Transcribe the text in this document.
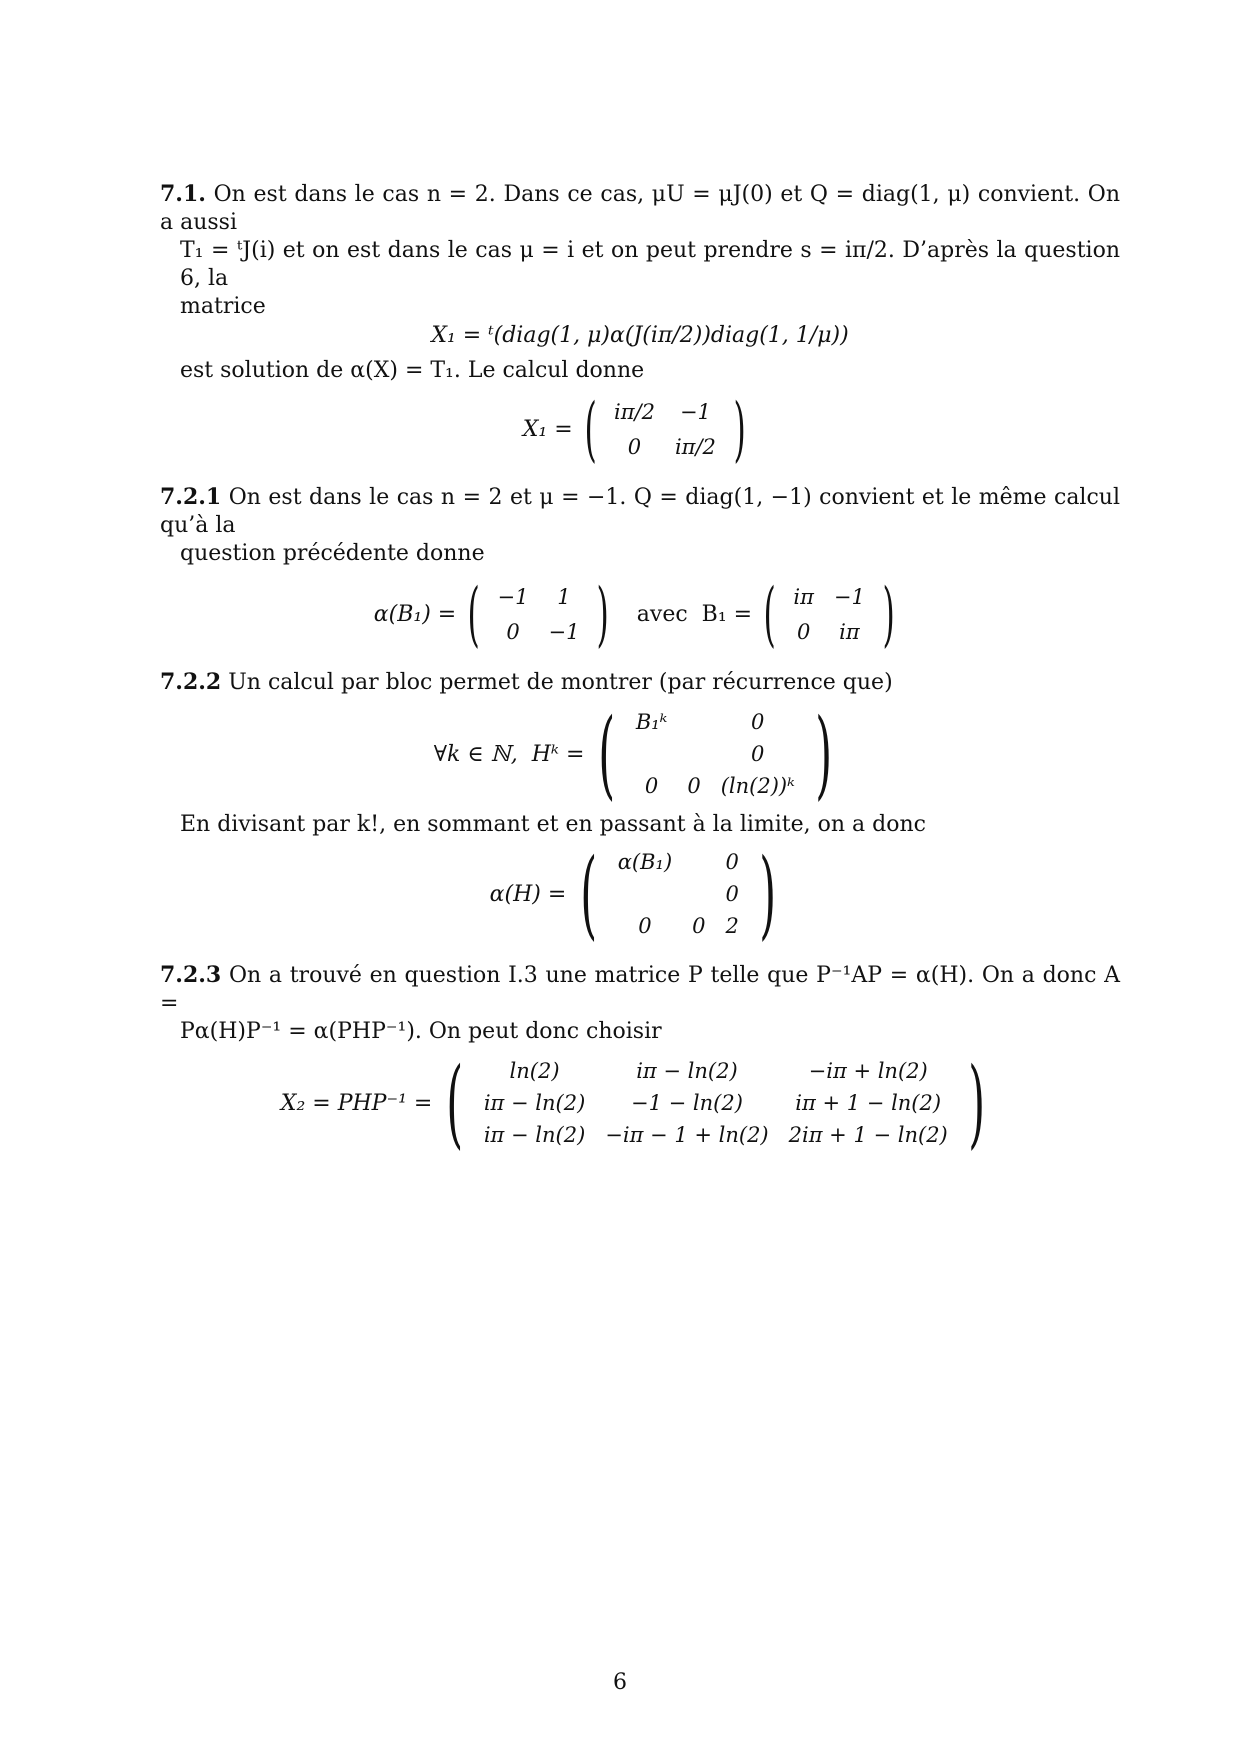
7.1. On est dans le cas n = 2. Dans ce cas, μU = μJ(0) et Q = diag(1, μ) convient. On a aussi

T₁ = ᵗJ(i) et on est dans le cas μ = i et on peut prendre s = iπ/2. D’après la question 6, la

matrice

X₁ = ᵗ(diag(1, μ)α(J(iπ/2))diag(1, 1/μ))

est solution de α(X) = T₁. Le calcul donne

X₁ = ( iπ/2	−1
0	iπ/2 )

7.2.1 On est dans le cas n = 2 et μ = −1. Q = diag(1, −1) convient et le même calcul qu’à la

question précédente donne

α(B₁) = ( −1	1
0	−1 ) avec  B₁ = ( iπ	−1
0	iπ )

7.2.2 Un calcul par bloc permet de montrer (par récurrence que)

∀k ∈ ℕ,  Hᵏ = ( B₁ᵏ		0
		0
0	0	(ln(2))ᵏ )

En divisant par k!, en sommant et en passant à la limite, on a donc

α(H) = ( α(B₁)		0
		0
0	0	2 )

7.2.3 On a trouvé en question I.3 une matrice P telle que P⁻¹AP = α(H). On a donc A =

Pα(H)P⁻¹ = α(PHP⁻¹). On peut donc choisir

X₂ = PHP⁻¹ = ( ln(2)	iπ − ln(2)	−iπ + ln(2)
iπ − ln(2)	−1 − ln(2)	iπ + 1 − ln(2)
iπ − ln(2)	−iπ − 1 + ln(2)	2iπ + 1 − ln(2) )
6
